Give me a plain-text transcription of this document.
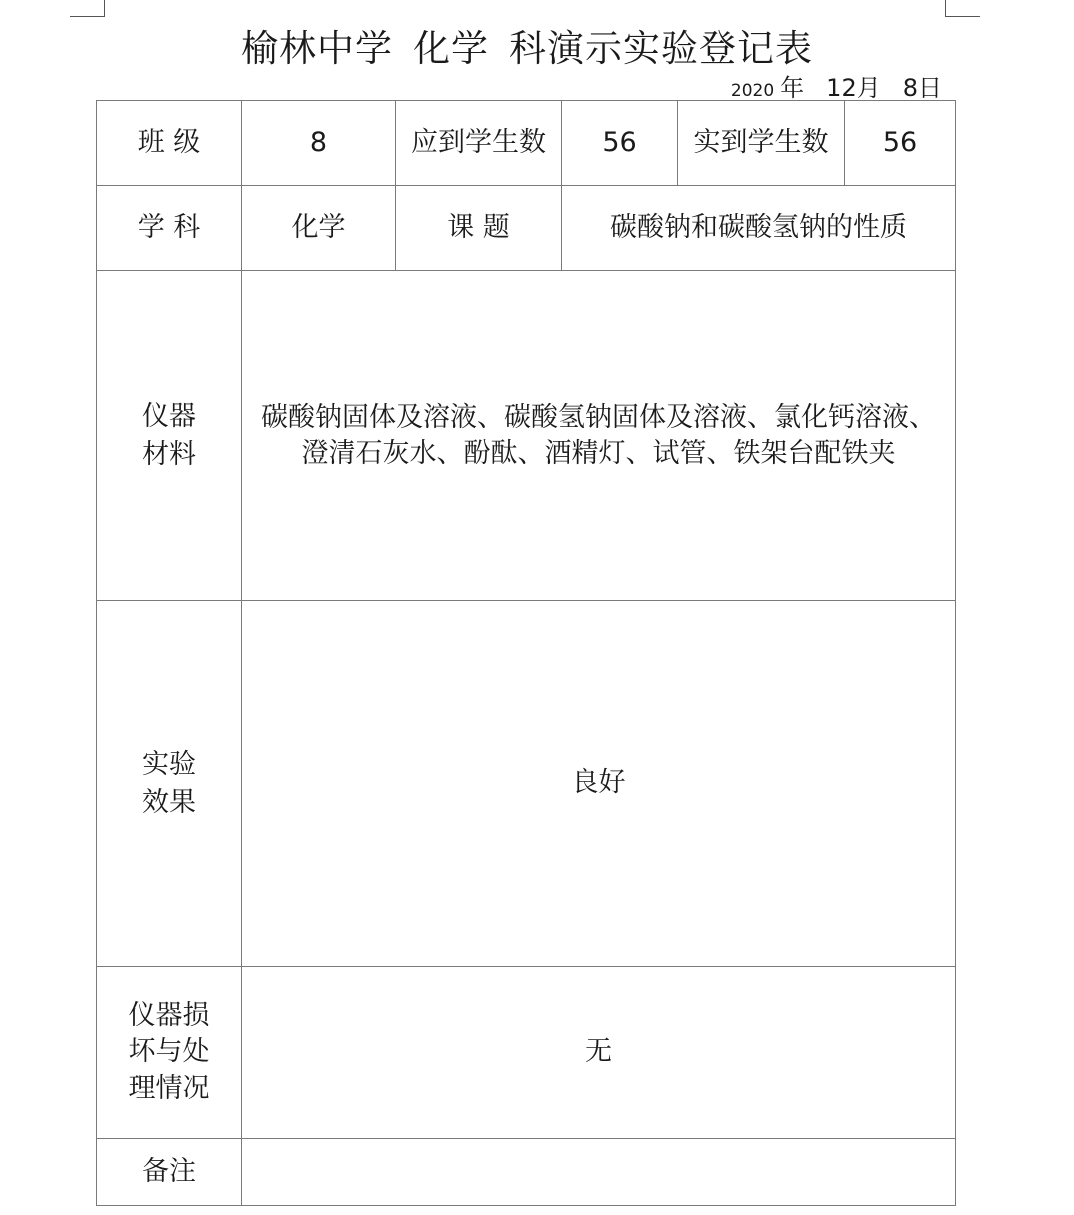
榆林中学 化学 科演示实验登记表
2020 年 12月 8日
班 级	8	应到学生数	56	实到学生数	56
学 科	化学	课 题	碳酸钠和碳酸氢钠的性质		
仪器材料	碳酸钠固体及溶液、碳酸氢钠固体及溶液、氯化钙溶液、澄清石灰水、酚酞、酒精灯、试管、铁架台配铁夹				
实验效果	良好				
仪器损坏与处理情况	无				
备注					
